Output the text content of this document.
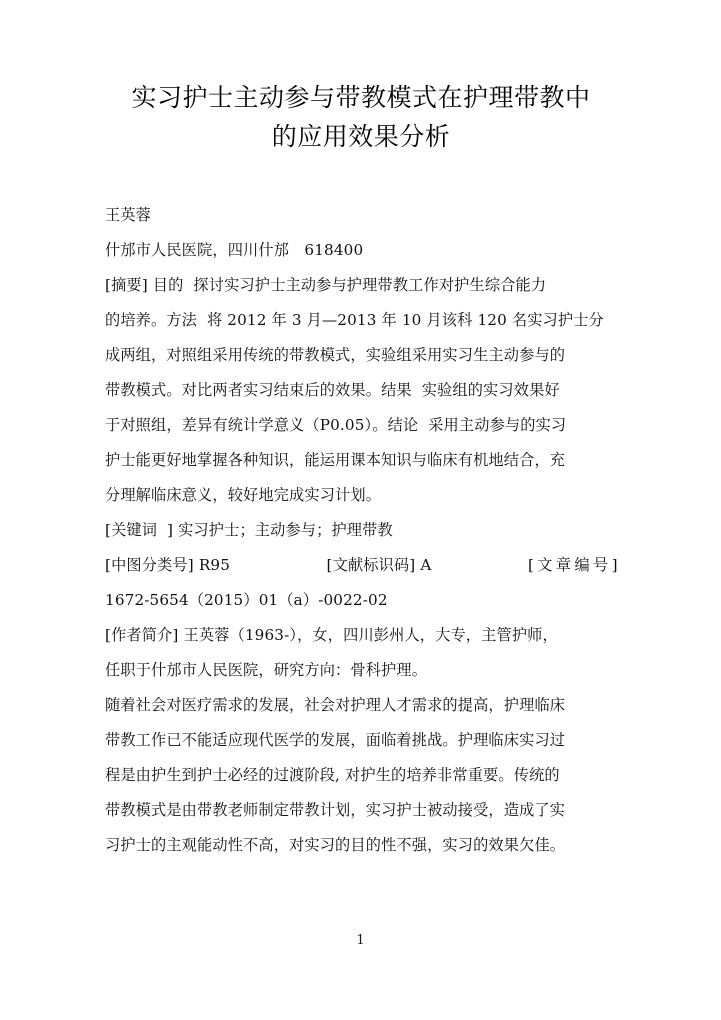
实习护士主动参与带教模式在护理带教中
的应用效果分析
王英蓉
什邡市人民医院，四川什邡　618400
[摘要] 目的  探讨实习护士主动参与护理带教工作对护生综合能力
的培养。方法  将 2012 年 3 月—2013 年 10 月该科 120 名实习护士分
成两组，对照组采用传统的带教模式，实验组采用实习生主动参与的
带教模式。对比两者实习结束后的效果。结果  实验组的实习效果好
于对照组，差异有统计学意义（P0.05）。结论  采用主动参与的实习
护士能更好地掌握各种知识，能运用课本知识与临床有机地结合，充
分理解临床意义，较好地完成实习计划。
[关键词  ] 实习护士；主动参与；护理带教
[中图分类号] R95	[文献标识码] A	[文章编号]
1672-5654（2015）01（a）-0022-02
[作者简介] 王英蓉（1963-），女，四川彭州人，大专，主管护师，
任职于什邡市人民医院，研究方向：骨科护理。
随着社会对医疗需求的发展，社会对护理人才需求的提高，护理临床
带教工作已不能适应现代医学的发展，面临着挑战。护理临床实习过
程是由护生到护士必经的过渡阶段, 对护生的培养非常重要。传统的
带教模式是由带教老师制定带教计划，实习护士被动接受，造成了实
习护士的主观能动性不高，对实习的目的性不强，实习的效果欠佳。
1
